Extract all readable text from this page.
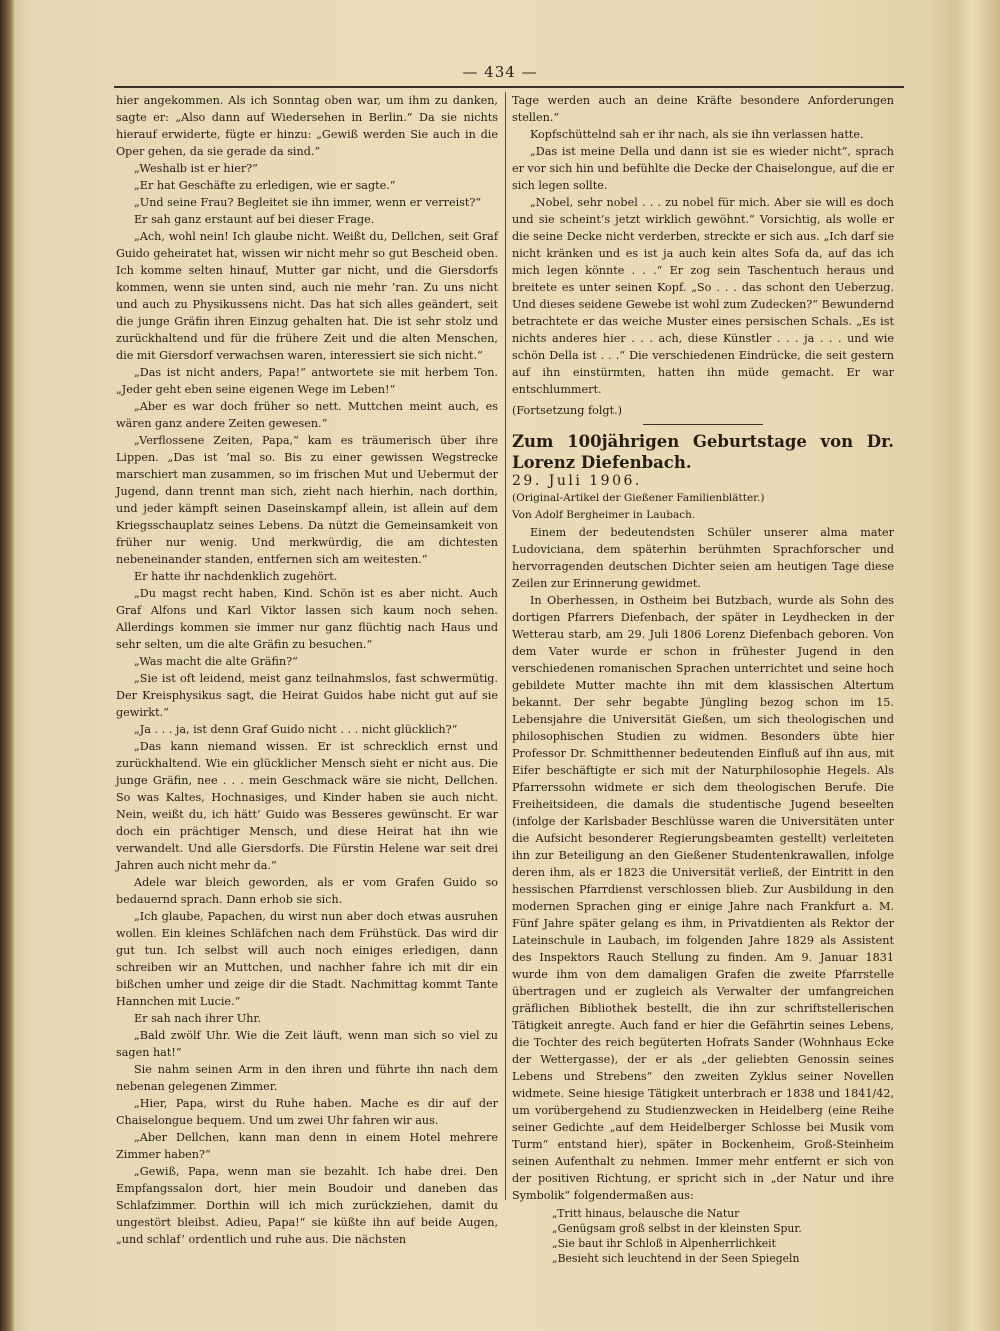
— 434 —

hier angekommen. Als ich Sonntag oben war, um ihm zu danken, sagte er: „Also dann auf Wiedersehen in Berlin.“ Da sie nichts hierauf erwiderte, fügte er hinzu: „Gewiß werden Sie auch in die Oper gehen, da sie gerade da sind.“

„Weshalb ist er hier?“

„Er hat Geschäfte zu erledigen, wie er sagte.“

„Und seine Frau? Begleitet sie ihn immer, wenn er verreist?“

Er sah ganz erstaunt auf bei dieser Frage.

„Ach, wohl nein! Ich glaube nicht. Weißt du, Dellchen, seit Graf Guido geheiratet hat, wissen wir nicht mehr so gut Bescheid oben. Ich komme selten hinauf, Mutter gar nicht, und die Giersdorfs kommen, wenn sie unten sind, auch nie mehr ’ran. Zu uns nicht und auch zu Physikussens nicht. Das hat sich alles geändert, seit die junge Gräfin ihren Einzug gehalten hat. Die ist sehr stolz und zurückhaltend und für die frühere Zeit und die alten Menschen, die mit Giersdorf verwachsen waren, interessiert sie sich nicht.“

„Das ist nicht anders, Papa!“ antwortete sie mit herbem Ton. „Jeder geht eben seine eigenen Wege im Leben!“

„Aber es war doch früher so nett. Muttchen meint auch, es wären ganz andere Zeiten gewesen.“

„Verflossene Zeiten, Papa,“ kam es träumerisch über ihre Lippen. „Das ist ’mal so. Bis zu einer gewissen Wegstrecke marschiert man zusammen, so im frischen Mut und Uebermut der Jugend, dann trennt man sich, zieht nach hierhin, nach dorthin, und jeder kämpft seinen Daseinskampf allein, ist allein auf dem Kriegsschauplatz seines Lebens. Da nützt die Gemeinsamkeit von früher nur wenig. Und merkwürdig, die am dichtesten nebeneinander standen, entfernen sich am weitesten.“

Er hatte ihr nachdenklich zugehört.

„Du magst recht haben, Kind. Schön ist es aber nicht. Auch Graf Alfons und Karl Viktor lassen sich kaum noch sehen. Allerdings kommen sie immer nur ganz flüchtig nach Haus und sehr selten, um die alte Gräfin zu besuchen.“

„Was macht die alte Gräfin?“

„Sie ist oft leidend, meist ganz teilnahmslos, fast schwermütig. Der Kreisphysikus sagt, die Heirat Guidos habe nicht gut auf sie gewirkt.“

„Ja . . . ja, ist denn Graf Guido nicht . . . nicht glücklich?“

„Das kann niemand wissen. Er ist schrecklich ernst und zurückhaltend. Wie ein glücklicher Mensch sieht er nicht aus. Die junge Gräfin, nee . . . mein Geschmack wäre sie nicht, Dellchen. So was Kaltes, Hochnasiges, und Kinder haben sie auch nicht. Nein, weißt du, ich hätt’ Guido was Besseres gewünscht. Er war doch ein prächtiger Mensch, und diese Heirat hat ihn wie verwandelt. Und alle Giersdorfs. Die Fürstin Helene war seit drei Jahren auch nicht mehr da.“

Adele war bleich geworden, als er vom Grafen Guido so bedauernd sprach. Dann erhob sie sich.

„Ich glaube, Papachen, du wirst nun aber doch etwas ausruhen wollen. Ein kleines Schläfchen nach dem Frühstück. Das wird dir gut tun. Ich selbst will auch noch einiges erledigen, dann schreiben wir an Muttchen, und nachher fahre ich mit dir ein bißchen umher und zeige dir die Stadt. Nachmittag kommt Tante Hannchen mit Lucie.“

Er sah nach ihrer Uhr.

„Bald zwölf Uhr. Wie die Zeit läuft, wenn man sich so viel zu sagen hat!“

Sie nahm seinen Arm in den ihren und führte ihn nach dem nebenan gelegenen Zimmer.

„Hier, Papa, wirst du Ruhe haben. Mache es dir auf der Chaiselongue bequem. Und um zwei Uhr fahren wir aus.

„Aber Dellchen, kann man denn in einem Hotel mehrere Zimmer haben?“

„Gewiß, Papa, wenn man sie bezahlt. Ich habe drei. Den Empfangssalon dort, hier mein Boudoir und daneben das Schlafzimmer. Dorthin will ich mich zurückziehen, damit du ungestört bleibst. Adieu, Papa!“ sie küßte ihn auf beide Augen, „und schlaf’ ordentlich und ruhe aus. Die nächsten

Tage werden auch an deine Kräfte besondere Anforderungen stellen.“

Kopfschüttelnd sah er ihr nach, als sie ihn verlassen hatte.

„Das ist meine Della und dann ist sie es wieder nicht“, sprach er vor sich hin und befühlte die Decke der Chaiselongue, auf die er sich legen sollte.

„Nobel, sehr nobel . . . zu nobel für mich. Aber sie will es doch und sie scheint’s jetzt wirklich gewöhnt.“ Vorsichtig, als wolle er die seine Decke nicht verderben, streckte er sich aus. „Ich darf sie nicht kränken und es ist ja auch kein altes Sofa da, auf das ich mich legen könnte . . .“ Er zog sein Taschentuch heraus und breitete es unter seinen Kopf. „So . . . das schont den Ueberzug. Und dieses seidene Gewebe ist wohl zum Zudecken?“ Bewundernd betrachtete er das weiche Muster eines persischen Schals. „Es ist nichts anderes hier . . . ach, diese Künstler . . . ja . . . und wie schön Della ist . . .“ Die verschiedenen Eindrücke, die seit gestern auf ihn einstürmten, hatten ihn müde gemacht. Er war entschlummert.

(Fortsetzung folgt.)

Zum 100jährigen Geburtstage von Dr. Lorenz Diefenbach.

29. Juli 1906.

(Original-Artikel der Gießener Familienblätter.)

Von Adolf Bergheimer in Laubach.

Einem der bedeutendsten Schüler unserer alma mater Ludoviciana, dem späterhin berühmten Sprachforscher und hervorragenden deutschen Dichter seien am heutigen Tage diese Zeilen zur Erinnerung gewidmet.

In Oberhessen, in Ostheim bei Butzbach, wurde als Sohn des dortigen Pfarrers Diefenbach, der später in Leydhecken in der Wetterau starb, am 29. Juli 1806 Lorenz Diefenbach geboren. Von dem Vater wurde er schon in frühester Jugend in den verschiedenen romanischen Sprachen unterrichtet und seine hoch gebildete Mutter machte ihn mit dem klassischen Altertum bekannt. Der sehr begabte Jüngling bezog schon im 15. Lebensjahre die Universität Gießen, um sich theologischen und philosophischen Studien zu widmen. Besonders übte hier Professor Dr. Schmitthenner bedeutenden Einfluß auf ihn aus, mit Eifer beschäftigte er sich mit der Naturphilosophie Hegels. Als Pfarrerssohn widmete er sich dem theologischen Berufe. Die Freiheitsideen, die damals die studentische Jugend beseelten (infolge der Karlsbader Beschlüsse waren die Universitäten unter die Aufsicht besonderer Regierungsbeamten gestellt) verleiteten ihn zur Beteiligung an den Gießener Studentenkrawallen, infolge deren ihm, als er 1823 die Universität verließ, der Eintritt in den hessischen Pfarrdienst verschlossen blieb. Zur Ausbildung in den modernen Sprachen ging er einige Jahre nach Frankfurt a. M. Fünf Jahre später gelang es ihm, in Privatdienten als Rektor der Lateinschule in Laubach, im folgenden Jahre 1829 als Assistent des Inspektors Rauch Stellung zu finden. Am 9. Januar 1831 wurde ihm von dem damaligen Grafen die zweite Pfarrstelle übertragen und er zugleich als Verwalter der umfangreichen gräflichen Bibliothek bestellt, die ihn zur schriftstellerischen Tätigkeit anregte. Auch fand er hier die Gefährtin seines Lebens, die Tochter des reich begüterten Hofrats Sander (Wohnhaus Ecke der Wettergasse), der er als „der geliebten Genossin seines Lebens und Strebens“ den zweiten Zyklus seiner Novellen widmete. Seine hiesige Tätigkeit unterbrach er 1838 und 1841/42, um vorübergehend zu Studienzwecken in Heidelberg (eine Reihe seiner Gedichte „auf dem Heidelberger Schlosse bei Musik vom Turm“ entstand hier), später in Bockenheim, Groß-Steinheim seinen Aufenthalt zu nehmen. Immer mehr entfernt er sich von der positiven Richtung, er spricht sich in „der Natur und ihre Symbolik“ folgendermaßen aus:

„Tritt hinaus, belausche die Natur
„Genügsam groß selbst in der kleinsten Spur.
„Sie baut ihr Schloß in Alpenherrlichkeit
„Besieht sich leuchtend in der Seen Spiegeln
